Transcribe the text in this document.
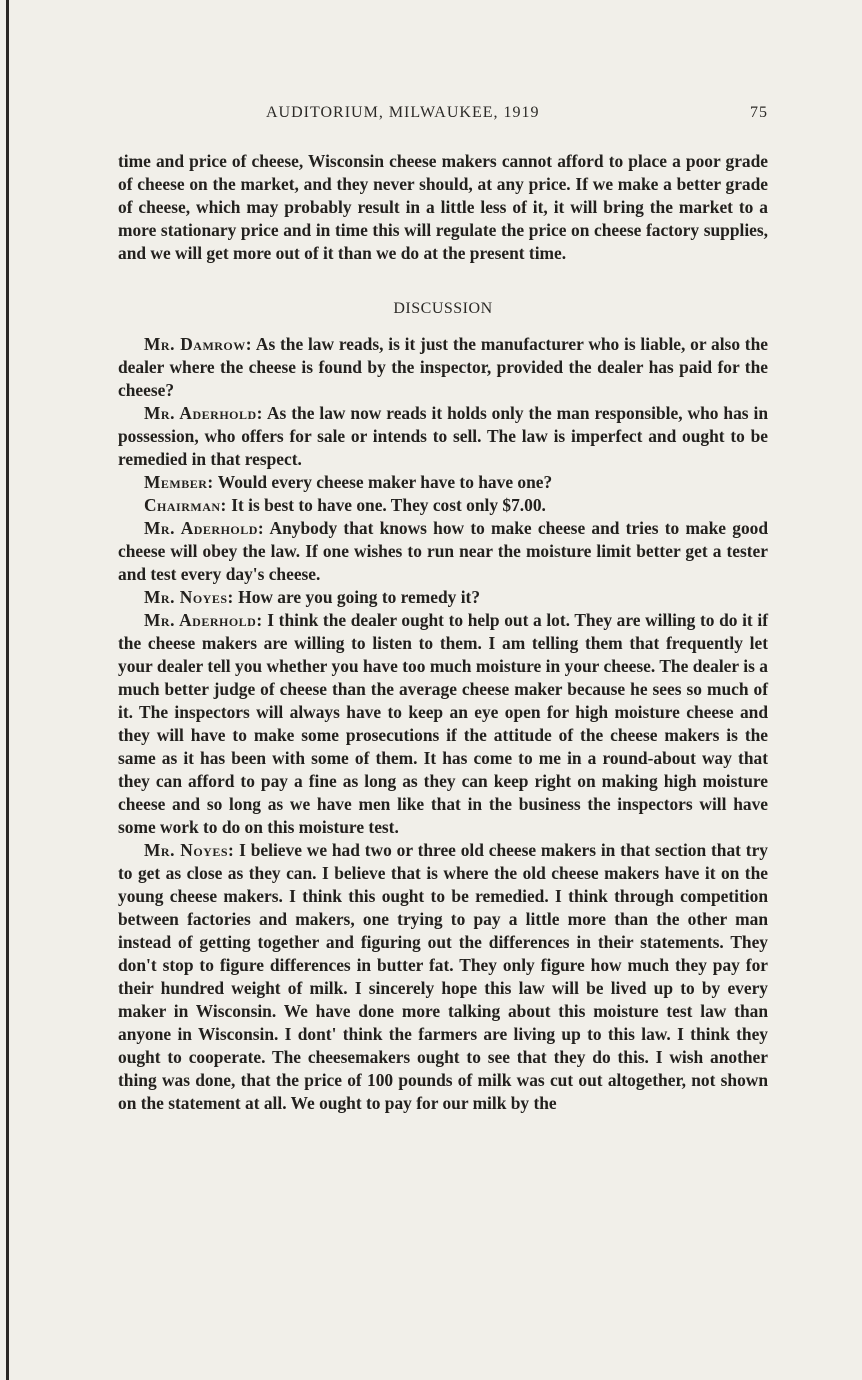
AUDITORIUM, MILWAUKEE, 1919	75

time and price of cheese, Wisconsin cheese makers cannot afford to place a poor grade of cheese on the market, and they never should, at any price. If we make a better grade of cheese, which may probably result in a little less of it, it will bring the market to a more stationary price and in time this will regulate the price on cheese factory supplies, and we will get more out of it than we do at the present time.

DISCUSSION

Mr. Damrow: As the law reads, is it just the manufacturer who is liable, or also the dealer where the cheese is found by the inspector, provided the dealer has paid for the cheese?

Mr. Aderhold: As the law now reads it holds only the man responsible, who has in possession, who offers for sale or intends to sell. The law is imperfect and ought to be remedied in that respect.

Member: Would every cheese maker have to have one?

Chairman: It is best to have one. They cost only $7.00.

Mr. Aderhold: Anybody that knows how to make cheese and tries to make good cheese will obey the law. If one wishes to run near the moisture limit better get a tester and test every day's cheese.

Mr. Noyes: How are you going to remedy it?

Mr. Aderhold: I think the dealer ought to help out a lot. They are willing to do it if the cheese makers are willing to listen to them. I am telling them that frequently let your dealer tell you whether you have too much moisture in your cheese. The dealer is a much better judge of cheese than the average cheese maker because he sees so much of it. The inspectors will always have to keep an eye open for high moisture cheese and they will have to make some prosecutions if the attitude of the cheese makers is the same as it has been with some of them. It has come to me in a round-about way that they can afford to pay a fine as long as they can keep right on making high moisture cheese and so long as we have men like that in the business the inspectors will have some work to do on this moisture test.

Mr. Noyes: I believe we had two or three old cheese makers in that section that try to get as close as they can. I believe that is where the old cheese makers have it on the young cheese makers. I think this ought to be remedied. I think through competition between factories and makers, one trying to pay a little more than the other man instead of getting together and figuring out the differences in their statements. They don't stop to figure differences in butter fat. They only figure how much they pay for their hundred weight of milk. I sincerely hope this law will be lived up to by every maker in Wisconsin. We have done more talking about this moisture test law than anyone in Wisconsin. I dont' think the farmers are living up to this law. I think they ought to cooperate. The cheesemakers ought to see that they do this. I wish another thing was done, that the price of 100 pounds of milk was cut out altogether, not shown on the statement at all. We ought to pay for our milk by the
